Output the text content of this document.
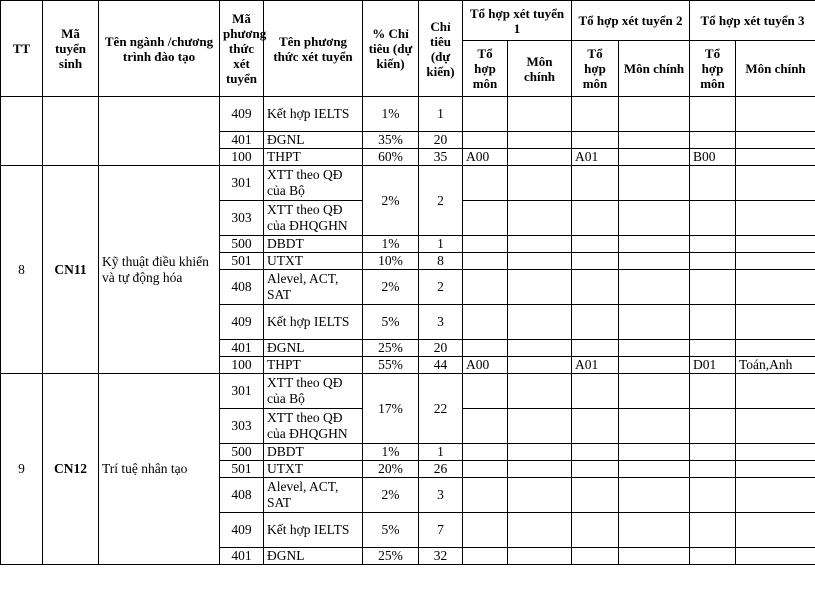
TT	Mã tuyển sinh	Tên ngành /chương trình đào tạo	Mã phương thức xét tuyển	Tên phương thức xét tuyển	% Chỉ tiêu (dự kiến)	Chỉ tiêu (dự kiến)	Tổ hợp xét tuyển 1		Tổ hợp xét tuyển 2		Tổ hợp xét tuyển 3	
							Tổ hợp môn	Môn chính	Tổ hợp môn	Môn chính	Tổ hợp môn	Môn chính
			409	Kết hợp IELTS	1%	1						
			401	ĐGNL	35%	20						
			100	THPT	60%	35	A00		A01		B00	
8	CN11	Kỹ thuật điều khiển và tự động hóa	301	XTT theo QĐ của Bộ	2%	2						
			303	XTT theo QĐ của ĐHQGHN								
			500	DBDT	1%	1						
			501	UTXT	10%	8						
			408	Alevel, ACT, SAT	2%	2						
			409	Kết hợp IELTS	5%	3						
			401	ĐGNL	25%	20						
			100	THPT	55%	44	A00		A01		D01	Toán,Anh
9	CN12	Trí tuệ nhân tạo	301	XTT theo QĐ của Bộ	17%	22						
			303	XTT theo QĐ của ĐHQGHN								
			500	DBDT	1%	1						
			501	UTXT	20%	26						
			408	Alevel, ACT, SAT	2%	3						
			409	Kết hợp IELTS	5%	7						
			401	ĐGNL	25%	32						
